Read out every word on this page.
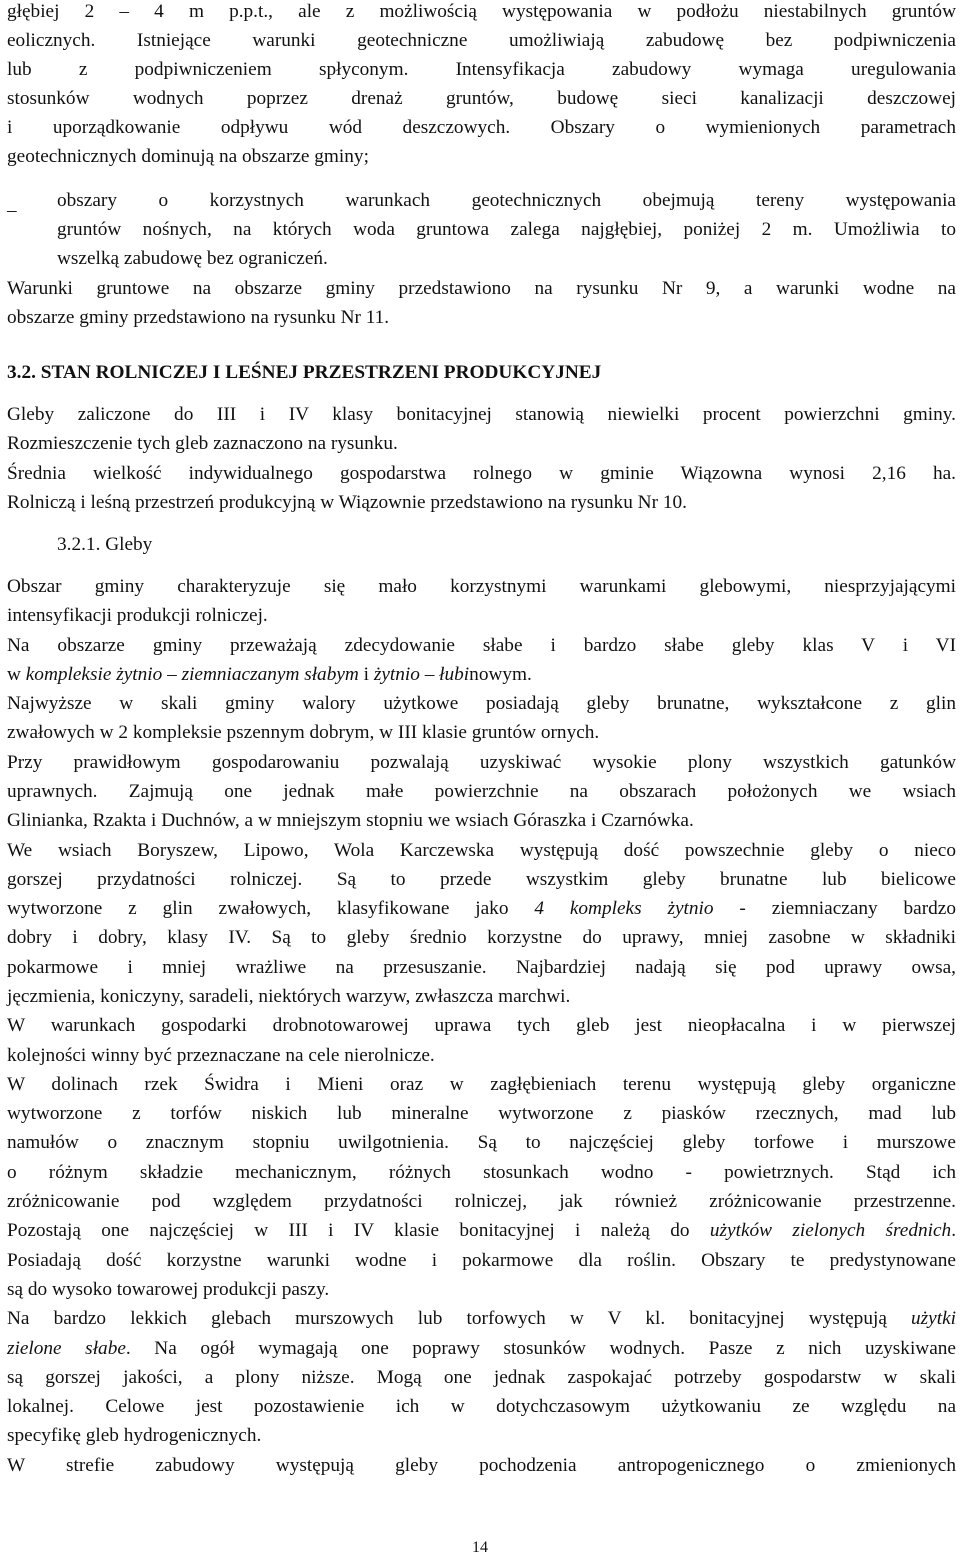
głębiej 2 – 4 m p.p.t., ale z możliwością występowania w podłożu niestabilnych gruntów
eolicznych. Istniejące warunki geotechniczne umożliwiają zabudowę bez podpiwniczenia
lub z podpiwniczeniem spłyconym. Intensyfikacja zabudowy wymaga uregulowania
stosunków wodnych poprzez drenaż gruntów, budowę sieci kanalizacji deszczowej
i uporządkowanie odpływu wód deszczowych. Obszary o wymienionych parametrach
geotechnicznych dominują na obszarze gminy;
– obszary o korzystnych warunkach geotechnicznych obejmują tereny występowania
gruntów nośnych, na których woda gruntowa zalega najgłębiej, poniżej 2 m. Umożliwia to
wszelką zabudowę bez ograniczeń.
Warunki gruntowe na obszarze gminy przedstawiono na rysunku Nr 9, a warunki wodne na
obszarze gminy przedstawiono na rysunku Nr 11.
3.2. STAN ROLNICZEJ I LEŚNEJ PRZESTRZENI PRODUKCYJNEJ
Gleby zaliczone do III i IV klasy bonitacyjnej stanowią niewielki procent powierzchni gminy.
Rozmieszczenie tych gleb zaznaczono na rysunku.
Średnia wielkość indywidualnego gospodarstwa rolnego w gminie Wiązowna wynosi 2,16 ha.
Rolniczą i leśną przestrzeń produkcyjną w Wiązownie przedstawiono na rysunku Nr 10.
3.2.1. Gleby
Obszar gminy charakteryzuje się mało korzystnymi warunkami glebowymi, niesprzyjającymi
intensyfikacji produkcji rolniczej.
Na obszarze gminy przeważają zdecydowanie słabe i bardzo słabe gleby klas V i VI
w kompleksie żytnio – ziemniaczanym słabym i żytnio – łubinowym.
Najwyższe w skali gminy walory użytkowe posiadają gleby brunatne, wykształcone z glin
zwałowych w 2 kompleksie pszennym dobrym, w III klasie gruntów ornych.
Przy prawidłowym gospodarowaniu pozwalają uzyskiwać wysokie plony wszystkich gatunków
uprawnych. Zajmują one jednak małe powierzchnie na obszarach położonych we wsiach
Glinianka, Rzakta i Duchnów, a w mniejszym stopniu we wsiach Góraszka i Czarnówka.
We wsiach Boryszew, Lipowo, Wola Karczewska występują dość powszechnie gleby o nieco
gorszej przydatności rolniczej. Są to przede wszystkim gleby brunatne lub bielicowe
wytworzone z glin zwałowych, klasyfikowane jako 4 kompleks żytnio - ziemniaczany bardzo
dobry i dobry, klasy IV. Są to gleby średnio korzystne do uprawy, mniej zasobne w składniki
pokarmowe i mniej wrażliwe na przesuszanie. Najbardziej nadają się pod uprawy owsa,
jęczmienia, koniczyny, saradeli, niektórych warzyw, zwłaszcza marchwi.
W warunkach gospodarki drobnotowarowej uprawa tych gleb jest nieopłacalna i w pierwszej
kolejności winny być przeznaczane na cele nierolnicze.
W dolinach rzek Świdra i Mieni oraz w zagłębieniach terenu występują gleby organiczne
wytworzone z torfów niskich lub mineralne wytworzone z piasków rzecznych, mad lub
namułów o znacznym stopniu uwilgotnienia. Są to najczęściej gleby torfowe i murszowe
o różnym składzie mechanicznym, różnych stosunkach wodno - powietrznych. Stąd ich
zróżnicowanie pod względem przydatności rolniczej, jak również zróżnicowanie przestrzenne.
Pozostają one najczęściej w III i IV klasie bonitacyjnej i należą do użytków zielonych średnich.
Posiadają dość korzystne warunki wodne i pokarmowe dla roślin. Obszary te predystynowane
są do wysoko towarowej produkcji paszy.
Na bardzo lekkich glebach murszowych lub torfowych w V kl. bonitacyjnej występują użytki
zielone słabe. Na ogół wymagają one poprawy stosunków wodnych. Pasze z nich uzyskiwane
są gorszej jakości, a plony niższe. Mogą one jednak zaspokajać potrzeby gospodarstw w skali
lokalnej. Celowe jest pozostawienie ich w dotychczasowym użytkowaniu ze względu na
specyfikę gleb hydrogenicznych.
W strefie zabudowy występują gleby pochodzenia antropogenicznego o zmienionych
14
